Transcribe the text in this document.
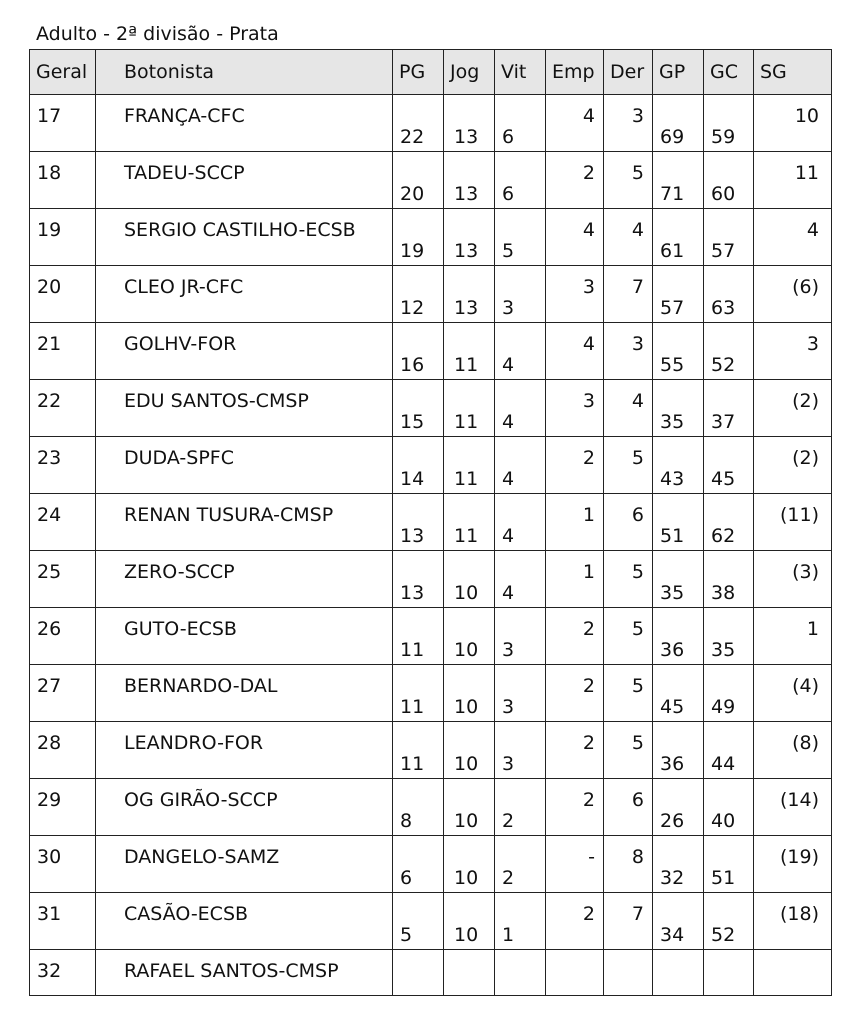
Adulto - 2ª divisão - Prata
Geral	Botonista	PG	Jog	Vit	Emp	Der	GP	GC	SG

17	FRANÇA-CFC	22	13	6	4	3	69	59	10

18	TADEU-SCCP	20	13	6	2	5	71	60	11

19	SERGIO CASTILHO-ECSB	19	13	5	4	4	61	57	4

20	CLEO JR-CFC	12	13	3	3	7	57	63	(6)

21	GOLHV-FOR	16	11	4	4	3	55	52	3

22	EDU SANTOS-CMSP	15	11	4	3	4	35	37	(2)

23	DUDA-SPFC	14	11	4	2	5	43	45	(2)

24	RENAN TUSURA-CMSP	13	11	4	1	6	51	62	(11)

25	ZERO-SCCP	13	10	4	1	5	35	38	(3)

26	GUTO-ECSB	11	10	3	2	5	36	35	1

27	BERNARDO-DAL	11	10	3	2	5	45	49	(4)

28	LEANDRO-FOR	11	10	3	2	5	36	44	(8)

29	OG GIRÃO-SCCP	8	10	2	2	6	26	40	(14)

30	DANGELO-SAMZ	6	10	2	-	8	32	51	(19)

31	CASÃO-ECSB	5	10	1	2	7	34	52	(18)

32	RAFAEL SANTOS-CMSP								
